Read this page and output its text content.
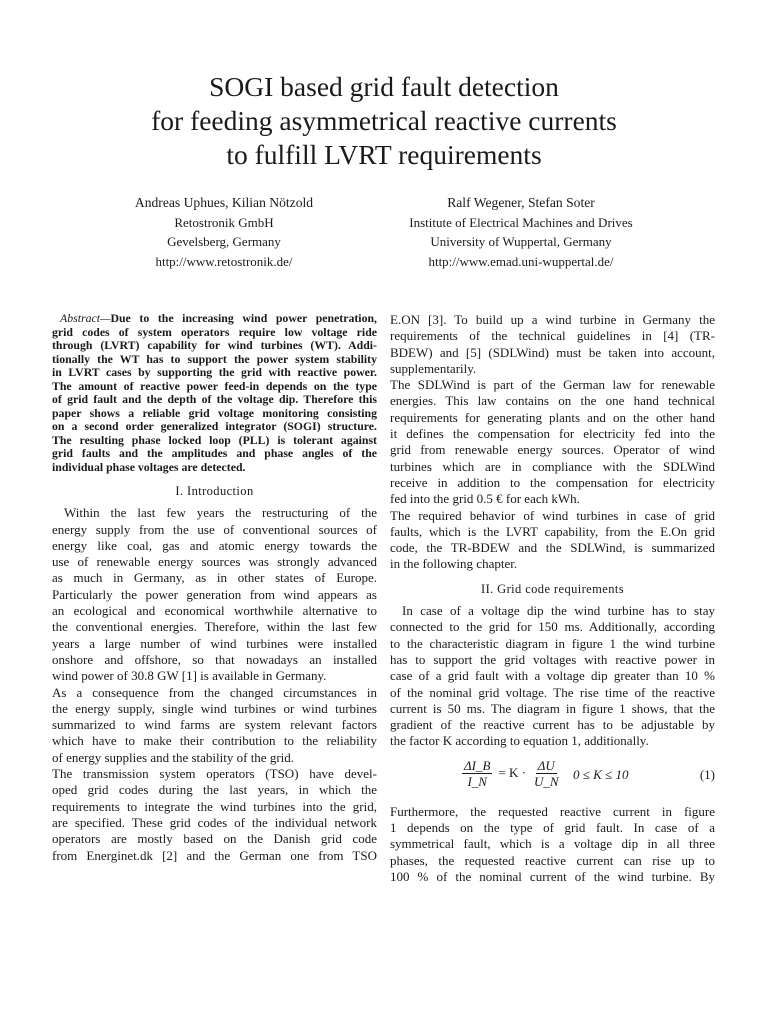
SOGI based grid fault detection
for feeding asymmetrical reactive currents
to fulfill LVRT requirements
Andreas Uphues, Kilian Nötzold
Retostronik GmbH
Gevelsberg, Germany
http://www.retostronik.de/
Ralf Wegener, Stefan Soter
Institute of Electrical Machines and Drives
University of Wuppertal, Germany
http://www.emad.uni-wuppertal.de/

Abstract—Due to the increasing wind power penetration,

grid codes of system operators require low voltage ride

through (LVRT) capability for wind turbines (WT). Addi-

tionally the WT has to support the power system stability

in LVRT cases by supporting the grid with reactive power.

The amount of reactive power feed-in depends on the type

of grid fault and the depth of the voltage dip. Therefore this

paper shows a reliable grid voltage monitoring consisting

on a second order generalized integrator (SOGI) structure.

The resulting phase locked loop (PLL) is tolerant against

grid faults and the amplitudes and phase angles of the

individual phase voltages are detected.

I. Introduction

Within the last few years the restructuring of the

energy supply from the use of conventional sources of

energy like coal, gas and atomic energy towards the

use of renewable energy sources was strongly advanced

as much in Germany, as in other states of Europe.

Particularly the power generation from wind appears as

an ecological and economical worthwhile alternative to

the conventional energies. Therefore, within the last few

years a large number of wind turbines were installed

onshore and offshore, so that nowadays an installed

wind power of 30.8 GW [1] is available in Germany.

As a consequence from the changed circumstances in

the energy supply, single wind turbines or wind turbines

summarized to wind farms are system relevant factors

which have to make their contribution to the reliability

of energy supplies and the stability of the grid.

The transmission system operators (TSO) have devel-

oped grid codes during the last years, in which the

requirements to integrate the wind turbines into the grid,

are specified. These grid codes of the individual network

operators are mostly based on the Danish grid code

from Energinet.dk [2] and the German one from TSO

E.ON [3]. To build up a wind turbine in Germany the

requirements of the technical guidelines in [4] (TR-

BDEW) and [5] (SDLWind) must be taken into account,

supplementarily.

The SDLWind is part of the German law for renewable

energies. This law contains on the one hand technical

requirements for generating plants and on the other hand

it defines the compensation for electricity fed into the

grid from renewable energy sources. Operator of wind

turbines which are in compliance with the SDLWind

receive in addition to the compensation for electricity

fed into the grid 0.5 € for each kWh.

The required behavior of wind turbines in case of grid

faults, which is the LVRT capability, from the E.On grid

code, the TR-BDEW and the SDLWind, is summarized

in the following chapter.

II. Grid code requirements

In case of a voltage dip the wind turbine has to stay

connected to the grid for 150 ms. Additionally, according

to the characteristic diagram in figure 1 the wind turbine

has to support the grid voltages with reactive power in

case of a grid fault with a voltage dip greater than 10 %

of the nominal grid voltage. The rise time of the reactive

current is 50 ms. The diagram in figure 1 shows, that the

gradient of the reactive current has to be adjustable by

the factor K according to equation 1, additionally.

$\frac{\Delta I\_B}{I\_N} = K \cdot \frac{\Delta U}{U\_N} 0 \le K \le 10$	(1)

Furthermore, the requested reactive current in figure

1 depends on the type of grid fault. In case of a

symmetrical fault, which is a voltage dip in all three

phases, the requested reactive current can rise up to

100 % of the nominal current of the wind turbine. By
